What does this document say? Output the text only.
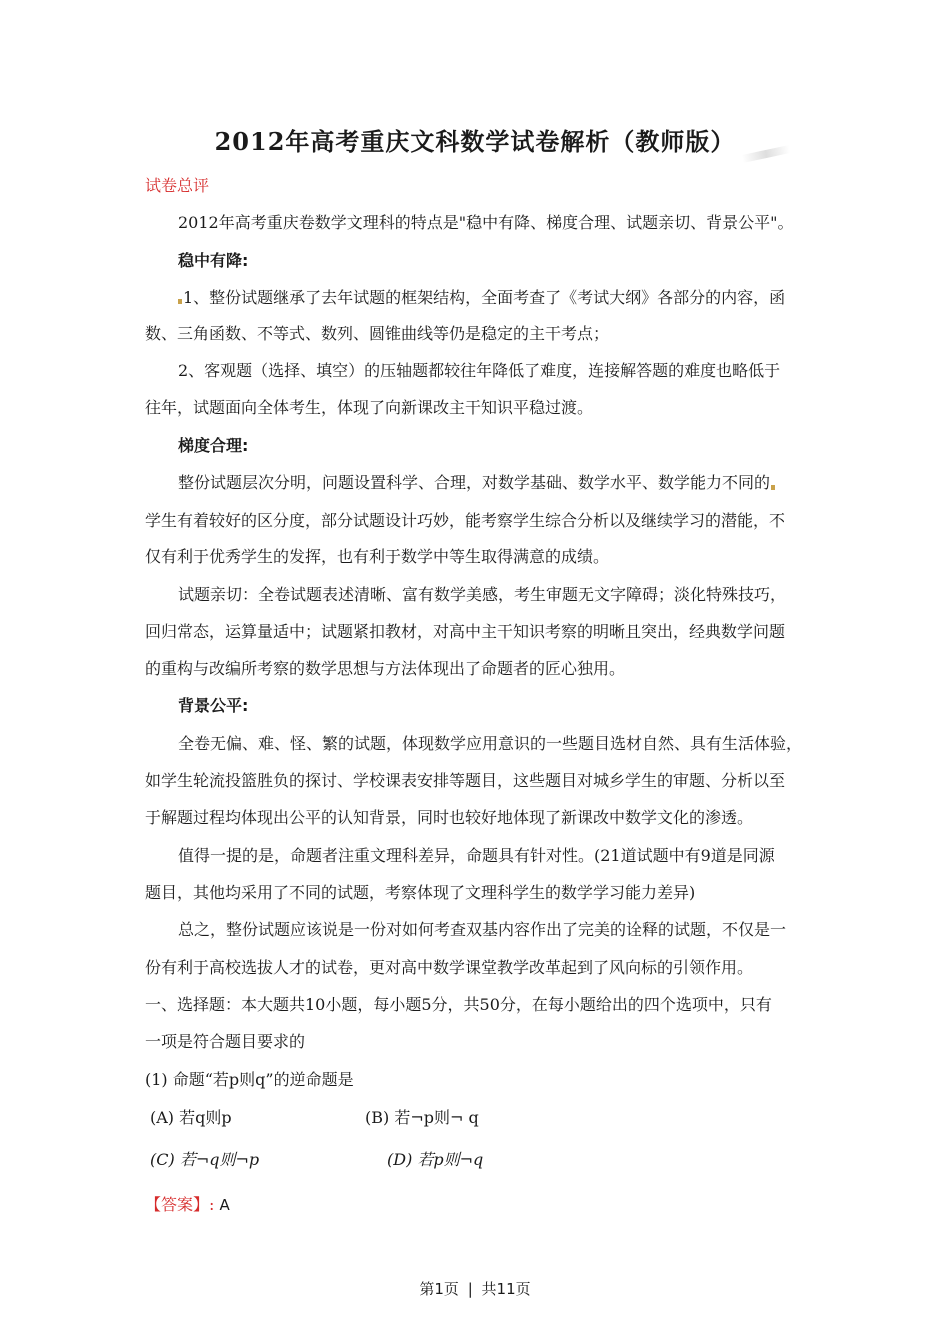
2012年高考重庆文科数学试卷解析（教师版）
试卷总评
2012年高考重庆卷数学文理科的特点是"稳中有降、梯度合理、试题亲切、背景公平"。
稳中有降:
1、整份试题继承了去年试题的框架结构，全面考查了《考试大纲》各部分的内容，函
数、三角函数、不等式、数列、圆锥曲线等仍是稳定的主干考点；
2、客观题（选择、填空）的压轴题都较往年降低了难度，连接解答题的难度也略低于
往年，试题面向全体考生，体现了向新课改主干知识平稳过渡。
梯度合理:
整份试题层次分明，问题设置科学、合理，对数学基础、数学水平、数学能力不同的
学生有着较好的区分度，部分试题设计巧妙，能考察学生综合分析以及继续学习的潜能，不
仅有利于优秀学生的发挥，也有利于数学中等生取得满意的成绩。
试题亲切：全卷试题表述清晰、富有数学美感，考生审题无文字障碍；淡化特殊技巧，
回归常态，运算量适中；试题紧扣教材，对高中主干知识考察的明晰且突出，经典数学问题
的重构与改编所考察的数学思想与方法体现出了命题者的匠心独用。
背景公平:
全卷无偏、难、怪、繁的试题，体现数学应用意识的一些题目选材自然、具有生活体验，
如学生轮流投篮胜负的探讨、学校课表安排等题目，这些题目对城乡学生的审题、分析以至
于解题过程均体现出公平的认知背景，同时也较好地体现了新课改中数学文化的渗透。
值得一提的是，命题者注重文理科差异，命题具有针对性。(21道试题中有9道是同源
题目，其他均采用了不同的试题，考察体现了文理科学生的数学学习能力差异)
总之，整份试题应该说是一份对如何考查双基内容作出了完美的诠释的试题，不仅是一
份有利于高校选拔人才的试卷，更对高中数学课堂教学改革起到了风向标的引领作用。
一、选择题：本大题共10小题，每小题5分，共50分，在每小题给出的四个选项中，只有
一项是符合题目要求的
(1) 命题“若p则q”的逆命题是
(A) 若q则p	(B) 若¬p则¬ q
(C) 若¬q则¬p	(D) 若p则¬q
【答案】: A
第1页 | 共11页
